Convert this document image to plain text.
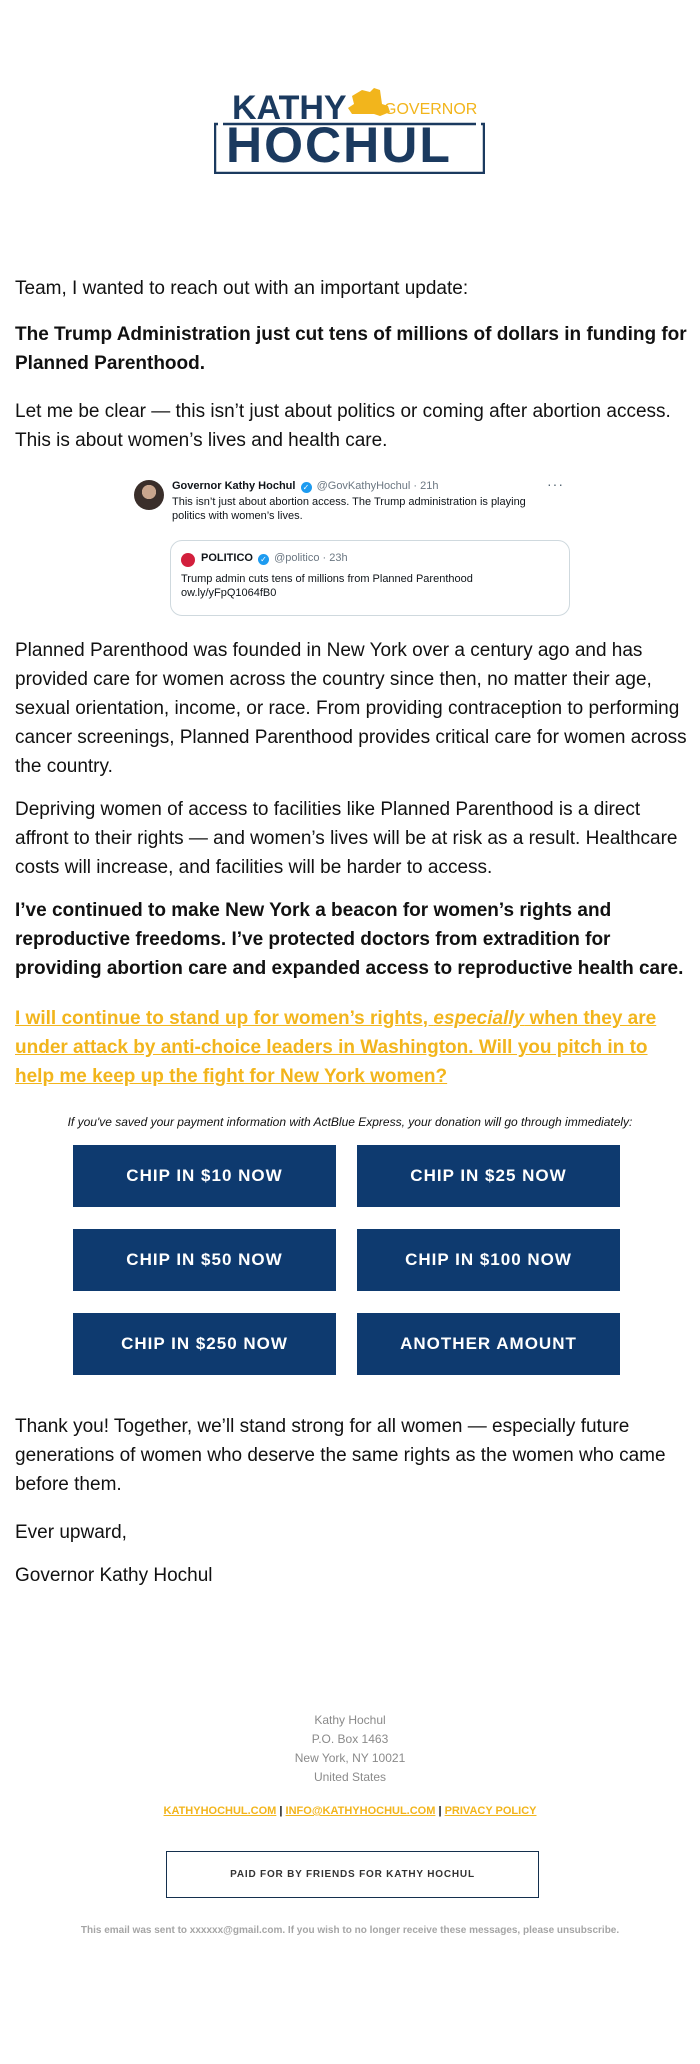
KATHY GOVERNOR
HOCHUL

Team, I wanted to reach out with an important update:

The Trump Administration just cut tens of millions of dollars in funding for Planned Parenthood.

Let me be clear — this isn’t just about politics or coming after abortion access. This is about women’s lives and health care.

Governor Kathy Hochul ✓ @GovKathyHochul · 21h	···
This isn’t just about abortion access. The Trump administration is playing politics with women’s lives.
POLITICO ✓ @politico · 23h
Trump admin cuts tens of millions from Planned Parenthood
ow.ly/yFpQ1064fB0

Planned Parenthood was founded in New York over a century ago and has provided care for women across the country since then, no matter their age, sexual orientation, income, or race. From providing contraception to performing cancer screenings, Planned Parenthood provides critical care for women across the country.

Depriving women of access to facilities like Planned Parenthood is a direct affront to their rights — and women’s lives will be at risk as a result. Healthcare costs will increase, and facilities will be harder to access.

I’ve continued to make New York a beacon for women’s rights and reproductive freedoms. I’ve protected doctors from extradition for providing abortion care and expanded access to reproductive health care.

I will continue to stand up for women’s rights, especially when they are under attack by anti-choice leaders in Washington. Will you pitch in to help me keep up the fight for New York women?

If you've saved your payment information with ActBlue Express, your donation will go through immediately:
CHIP IN $10 NOW	CHIP IN $25 NOW
CHIP IN $50 NOW	CHIP IN $100 NOW
CHIP IN $250 NOW	ANOTHER AMOUNT

Thank you! Together, we’ll stand strong for all women — especially future generations of women who deserve the same rights as the women who came before them.

Ever upward,

Governor Kathy Hochul

Kathy Hochul
P.O. Box 1463
New York, NY 10021
United States
KATHYHOCHUL.COM | INFO@KATHYHOCHUL.COM | PRIVACY POLICY
PAID FOR BY FRIENDS FOR KATHY HOCHUL
This email was sent to xxxxxx@gmail.com. If you wish to no longer receive these messages, please unsubscribe.
